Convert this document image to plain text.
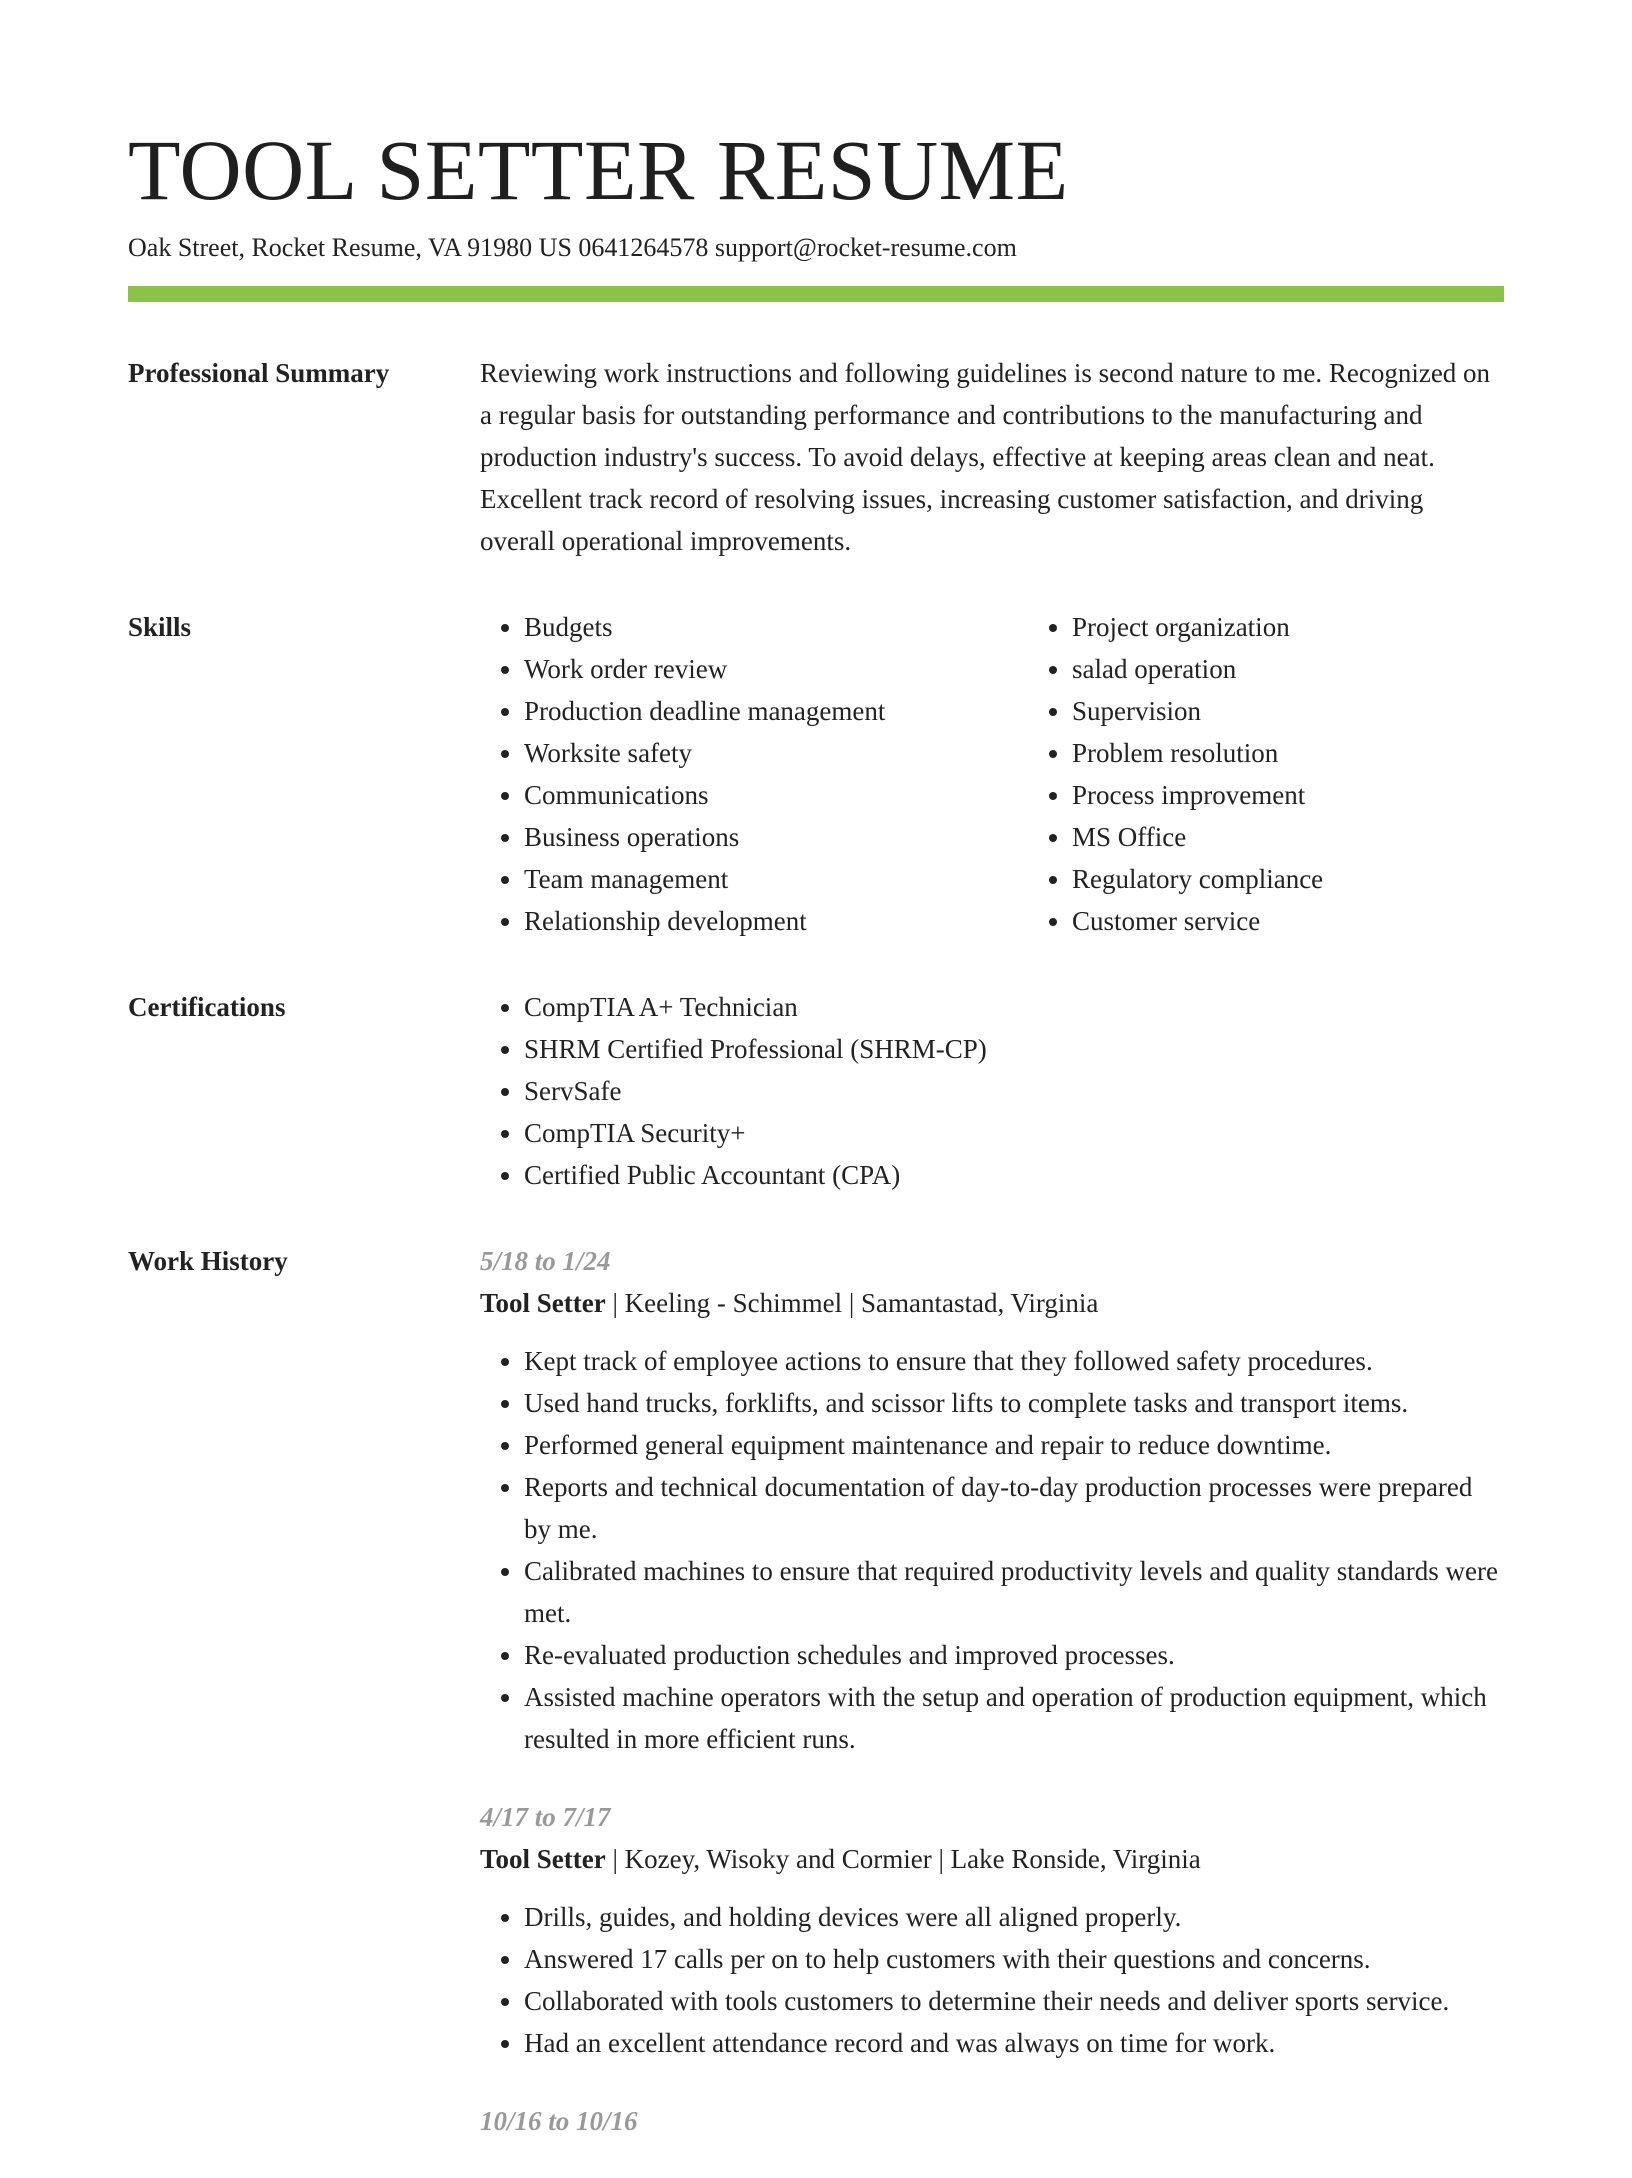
TOOL SETTER RESUME
Oak Street, Rocket Resume, VA 91980 US 0641264578 support@rocket-resume.com
Professional Summary	Reviewing work instructions and following guidelines is second nature to me. Recognized on a regular basis for outstanding performance and contributions to the manufacturing and production industry's success. To avoid delays, effective at keeping areas clean and neat. Excellent track record of resolving issues, increasing customer satisfaction, and driving overall operational improvements.

Skills	• Budgets
• Work order review
• Production deadline management
• Worksite safety
• Communications
• Business operations
• Team management
• Relationship development
• Project organization
• salad operation
• Supervision
• Problem resolution
• Process improvement
• MS Office
• Regulatory compliance
• Customer service
Certifications	• CompTIA A+ Technician
• SHRM Certified Professional (SHRM-CP)
• ServSafe
• CompTIA Security+
• Certified Public Accountant (CPA)
Work History	5/18 to 1/24
Tool Setter | Keeling - Schimmel | Samantastad, Virginia
• Kept track of employee actions to ensure that they followed safety procedures.
• Used hand trucks, forklifts, and scissor lifts to complete tasks and transport items.
• Performed general equipment maintenance and repair to reduce downtime.
• Reports and technical documentation of day-to-day production processes were prepared by me.
• Calibrated machines to ensure that required productivity levels and quality standards were met.
• Re-evaluated production schedules and improved processes.
• Assisted machine operators with the setup and operation of production equipment, which resulted in more efficient runs.
4/17 to 7/17
Tool Setter | Kozey, Wisoky and Cormier | Lake Ronside, Virginia
• Drills, guides, and holding devices were all aligned properly.
• Answered 17 calls per on to help customers with their questions and concerns.
• Collaborated with tools customers to determine their needs and deliver sports service.
• Had an excellent attendance record and was always on time for work.
10/16 to 10/16
